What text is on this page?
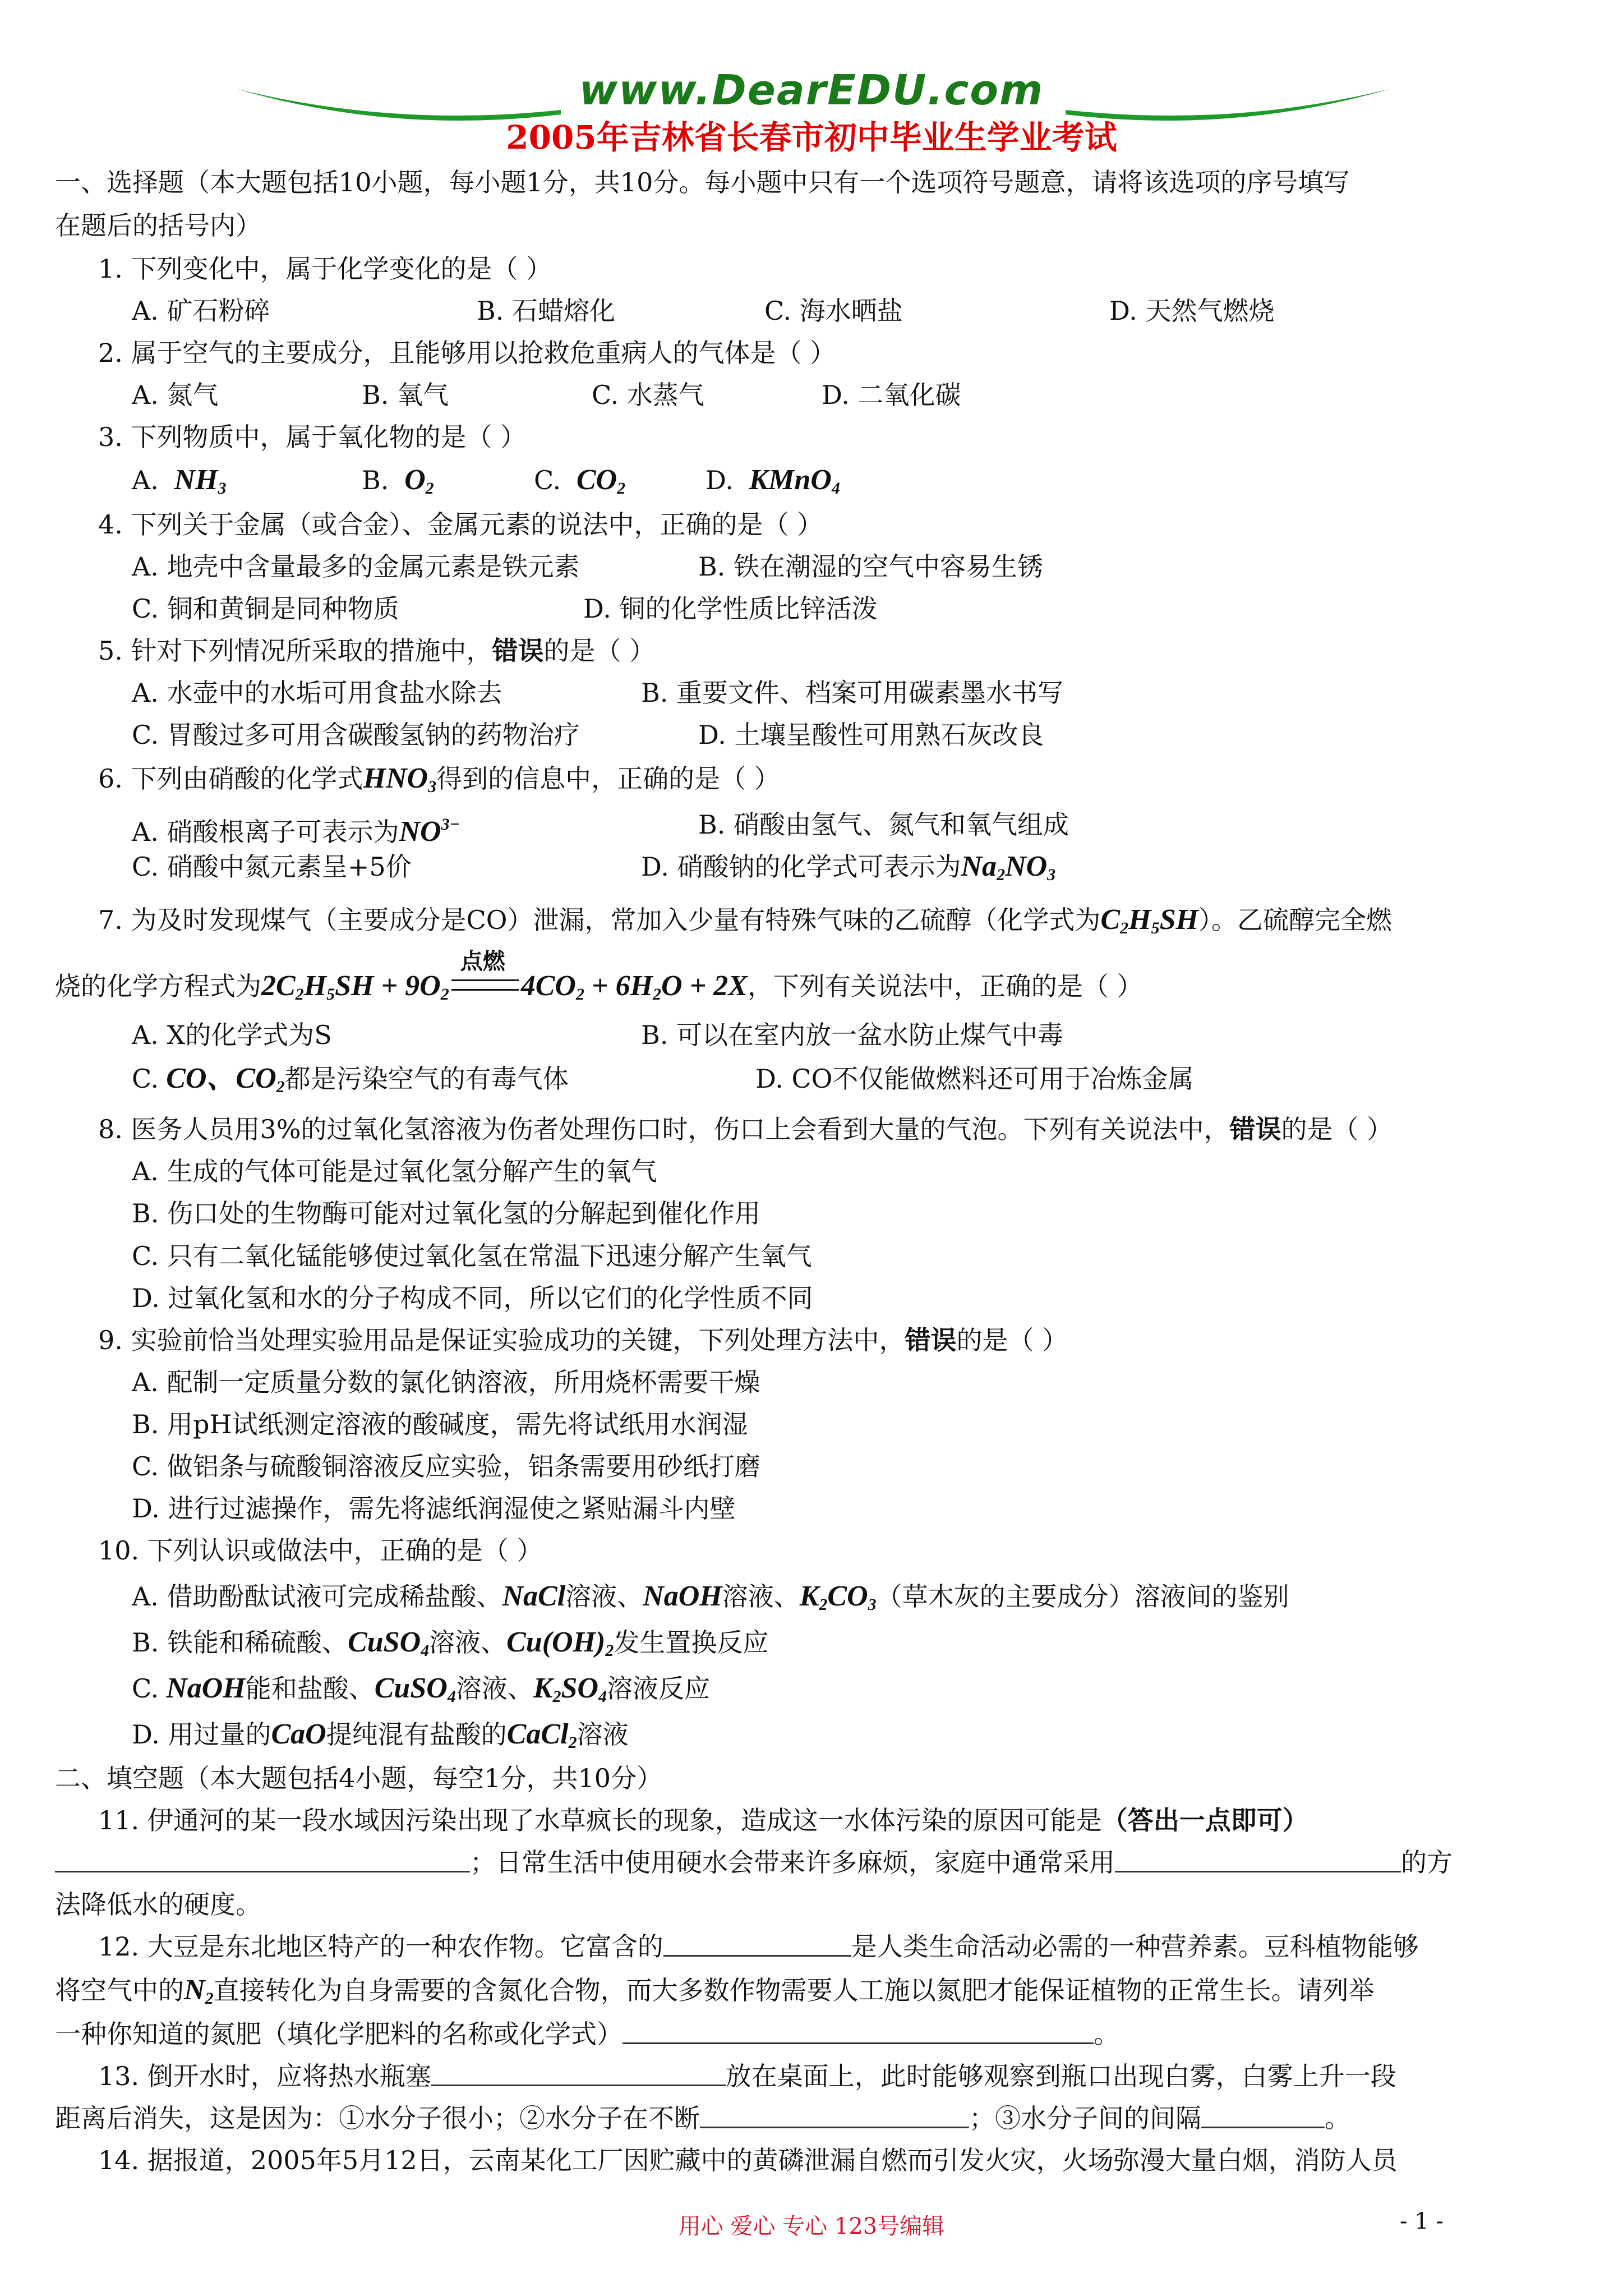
www.DearEDU.com
2005年吉林省长春市初中毕业生学业考试
一、选择题（本大题包括10小题，每小题1分，共10分。每小题中只有一个选项符号题意，请将该选项的序号填写
在题后的括号内）
1. 下列变化中，属于化学变化的是（ ）
A. 矿石粉碎	B. 石蜡熔化	C. 海水晒盐	D. 天然气燃烧
2. 属于空气的主要成分，且能够用以抢救危重病人的气体是（ ）
A. 氮气	B. 氧气	C. 水蒸气	D. 二氧化碳
3. 下列物质中，属于氧化物的是（ ）
A. $NH_3$	B. $O_2$	C. $CO_2$	D. KMnO$_4$
4. 下列关于金属（或合金）、金属元素的说法中，正确的是（ ）
A. 地壳中含量最多的金属元素是铁元素	B. 铁在潮湿的空气中容易生锈
C. 铜和黄铜是同种物质	D. 铜的化学性质比锌活泼
5. 针对下列情况所采取的措施中，错误的是（ ）
A. 水壶中的水垢可用食盐水除去	B. 重要文件、档案可用碳素墨水书写
C. 胃酸过多可用含碳酸氢钠的药物治疗	D. 土壤呈酸性可用熟石灰改良
6. 下列由硝酸的化学式$HNO_3$得到的信息中，正确的是（ ）
A. 硝酸根离子可表示为$NO^{3-}$	B. 硝酸由氢气、氮气和氧气组成
C. 硝酸中氮元素呈+5价	D. 硝酸钠的化学式可表示为$Na_2NO_3$
7. 为及时发现煤气（主要成分是CO）泄漏，常加入少量有特殊气味的乙硫醇（化学式为$C_2H_5SH$）。乙硫醇完全燃
烧的化学方程式为$2C_2H_5SH + 9O_2$
点燃
$4CO_2 + 6H_2O + 2X$，下列有关说法中，正确的是（ ）
A. X的化学式为S	B. 可以在室内放一盆水防止煤气中毒
C. CO、$CO_2$都是污染空气的有毒气体	D. CO不仅能做燃料还可用于冶炼金属
8. 医务人员用3%的过氧化氢溶液为伤者处理伤口时，伤口上会看到大量的气泡。下列有关说法中，错误的是（ ）
A. 生成的气体可能是过氧化氢分解产生的氧气
B. 伤口处的生物酶可能对过氧化氢的分解起到催化作用
C. 只有二氧化锰能够使过氧化氢在常温下迅速分解产生氧气
D. 过氧化氢和水的分子构成不同，所以它们的化学性质不同
9. 实验前恰当处理实验用品是保证实验成功的关键，下列处理方法中，错误的是（ ）
A. 配制一定质量分数的氯化钠溶液，所用烧杯需要干燥
B. 用pH试纸测定溶液的酸碱度，需先将试纸用水润湿
C. 做铝条与硫酸铜溶液反应实验，铝条需要用砂纸打磨
D. 进行过滤操作，需先将滤纸润湿使之紧贴漏斗内壁
10. 下列认识或做法中，正确的是（ ）
A. 借助酚酞试液可完成稀盐酸、NaCl溶液、NaOH溶液、$K_2CO_3$（草木灰的主要成分）溶液间的鉴别
B. 铁能和稀硫酸、CuSO$_4$溶液、$Cu(OH)_2$发生置换反应
C. NaOH能和盐酸、CuSO$_4$溶液、$K_2SO_4$溶液反应
D. 用过量的CaO提纯混有盐酸的CaCl$_2$溶液
二、填空题（本大题包括4小题，每空1分，共10分）
11. 伊通河的某一段水域因污染出现了水草疯长的现象，造成这一水体污染的原因可能是（答出一点即可）
；日常生活中使用硬水会带来许多麻烦，家庭中通常采用	的方
法降低水的硬度。
12. 大豆是东北地区特产的一种农作物。它富含的	是人类生命活动必需的一种营养素。豆科植物能够
将空气中的$N_2$直接转化为自身需要的含氮化合物，而大多数作物需要人工施以氮肥才能保证植物的正常生长。请列举
一种你知道的氮肥（填化学肥料的名称或化学式）	。
13. 倒开水时，应将热水瓶塞	放在桌面上，此时能够观察到瓶口出现白雾，白雾上升一段
距离后消失，这是因为：①水分子很小；②水分子在不断	；③水分子间的间隔	。
14. 据报道，2005年5月12日，云南某化工厂因贮藏中的黄磷泄漏自燃而引发火灾，火场弥漫大量白烟，消防人员
用心 爱心 专心 123号编辑	- 1 -
